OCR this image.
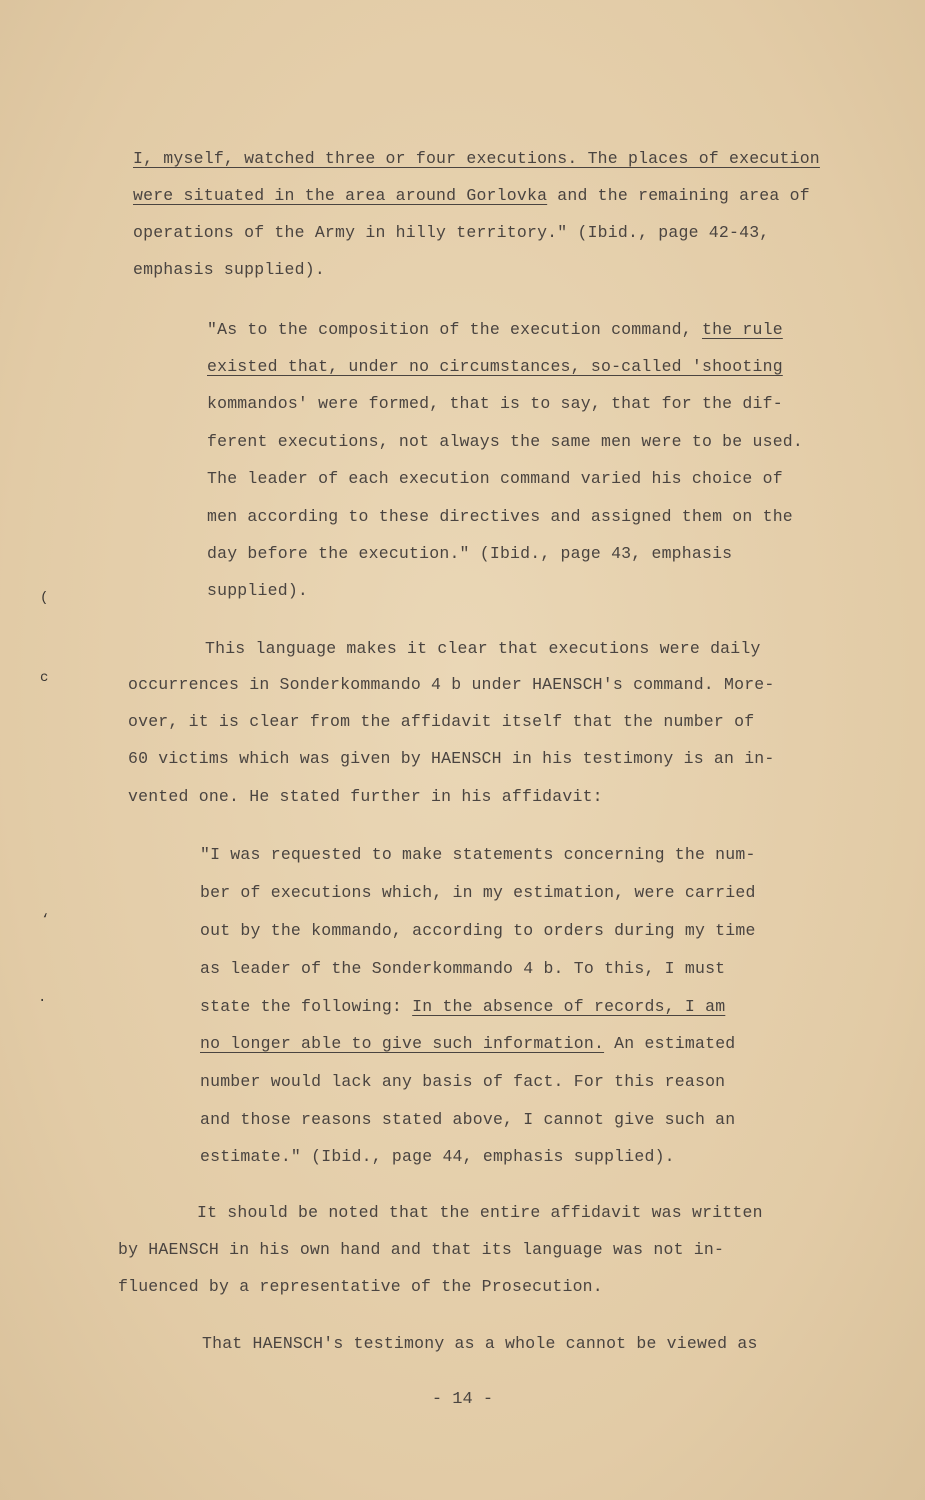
I, myself, watched three or four executions. The places of execution
were situated in the area around Gorlovka and the remaining area of
operations of the Army in hilly territory." (Ibid., page 42-43,
emphasis supplied).
"As to the composition of the execution command, the rule
existed that, under no circumstances, so-called 'shooting
kommandos' were formed, that is to say, that for the dif-
ferent executions, not always the same men were to be used.
The leader of each execution command varied his choice of
men according to these directives and assigned them on the
day before the execution." (Ibid., page 43, emphasis
supplied).
This language makes it clear that executions were daily
occurrences in Sonderkommando 4 b under HAENSCH's command. More-
over, it is clear from the affidavit itself that the number of
60 victims which was given by HAENSCH in his testimony is an in-
vented one. He stated further in his affidavit:
"I was requested to make statements concerning the num-
ber of executions which, in my estimation, were carried
out by the kommando, according to orders during my time
as leader of the Sonderkommando 4 b. To this, I must
state the following: In the absence of records, I am
no longer able to give such information. An estimated
number would lack any basis of fact. For this reason
and those reasons stated above, I cannot give such an
estimate." (Ibid., page 44, emphasis supplied).
It should be noted that the entire affidavit was written
by HAENSCH in his own hand and that its language was not in-
fluenced by a representative of the Prosecution.
That HAENSCH's testimony as a whole cannot be viewed as
- 14 -
(
c
‘
.
